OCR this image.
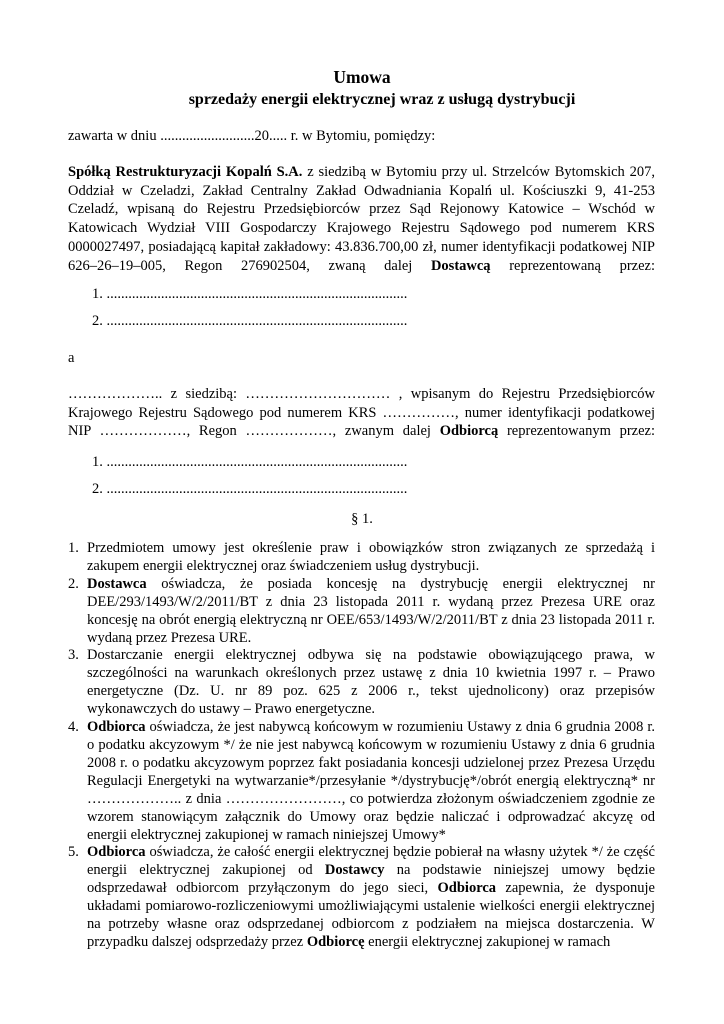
Umowa
sprzedaży energii elektrycznej wraz z usługą dystrybucji
zawarta w dniu ..........................20..... r. w Bytomiu, pomiędzy:

Spółką Restrukturyzacji Kopalń S.A. z siedzibą w Bytomiu przy ul. Strzelców Bytomskich 207, Oddział w Czeladzi, Zakład Centralny Zakład Odwadniania Kopalń ul. Kościuszki 9, 41-253 Czeladź, wpisaną do Rejestru Przedsiębiorców przez Sąd Rejonowy Katowice – Wschód w Katowicach Wydział VIII Gospodarczy Krajowego Rejestru Sądowego pod numerem KRS 0000027497, posiadającą kapitał zakładowy: 43.836.700,00 zł, numer identyfikacji podatkowej NIP 626–26–19–005, Regon 276902504, zwaną dalej Dostawcą reprezentowaną przez:

1. ...................................................................................
2. ...................................................................................
a

……………….. z siedzibą: ………………………… , wpisanym do Rejestru Przedsiębiorców Krajowego Rejestru Sądowego pod numerem KRS ……………, numer identyfikacji podatkowej NIP ………………, Regon ………………, zwanym dalej Odbiorcą reprezentowanym przez:

1. ...................................................................................
2. ...................................................................................
§ 1.
1. Przedmiotem umowy jest określenie praw i obowiązków stron związanych ze sprzedażą i zakupem energii elektrycznej oraz świadczeniem usług dystrybucji.
2. Dostawca oświadcza, że posiada koncesję na dystrybucję energii elektrycznej nr DEE/293/1493/W/2/2011/BT z dnia 23 listopada 2011 r. wydaną przez Prezesa URE oraz koncesję na obrót energią elektryczną nr OEE/653/1493/W/2/2011/BT z dnia 23 listopada 2011 r. wydaną przez Prezesa URE.
3. Dostarczanie energii elektrycznej odbywa się na podstawie obowiązującego prawa, w szczególności na warunkach określonych przez ustawę z dnia 10 kwietnia 1997 r. – Prawo energetyczne (Dz. U. nr 89 poz. 625 z 2006 r., tekst ujednolicony) oraz przepisów wykonawczych do ustawy – Prawo energetyczne.
4. Odbiorca oświadcza, że jest nabywcą końcowym w rozumieniu Ustawy z dnia 6 grudnia 2008 r. o podatku akcyzowym */ że nie jest nabywcą końcowym w rozumieniu Ustawy z dnia 6 grudnia 2008 r. o podatku akcyzowym poprzez fakt posiadania koncesji udzielonej przez Prezesa Urzędu Regulacji Energetyki na wytwarzanie*/przesyłanie */dystrybucję*/obrót energią elektryczną* nr ……………….. z dnia ……………………, co potwierdza złożonym oświadczeniem zgodnie ze wzorem stanowiącym załącznik do Umowy oraz będzie naliczać i odprowadzać akcyzę od energii elektrycznej zakupionej w ramach niniejszej Umowy*
5. Odbiorca oświadcza, że całość energii elektrycznej będzie pobierał na własny użytek */ że część energii elektrycznej zakupionej od Dostawcy na podstawie niniejszej umowy będzie odsprzedawał odbiorcom przyłączonym do jego sieci, Odbiorca zapewnia, że dysponuje układami pomiarowo-rozliczeniowymi umożliwiającymi ustalenie wielkości energii elektrycznej na potrzeby własne oraz odsprzedanej odbiorcom z podziałem na miejsca dostarczenia. W przypadku dalszej odsprzedaży przez Odbiorcę energii elektrycznej zakupionej w ramach
